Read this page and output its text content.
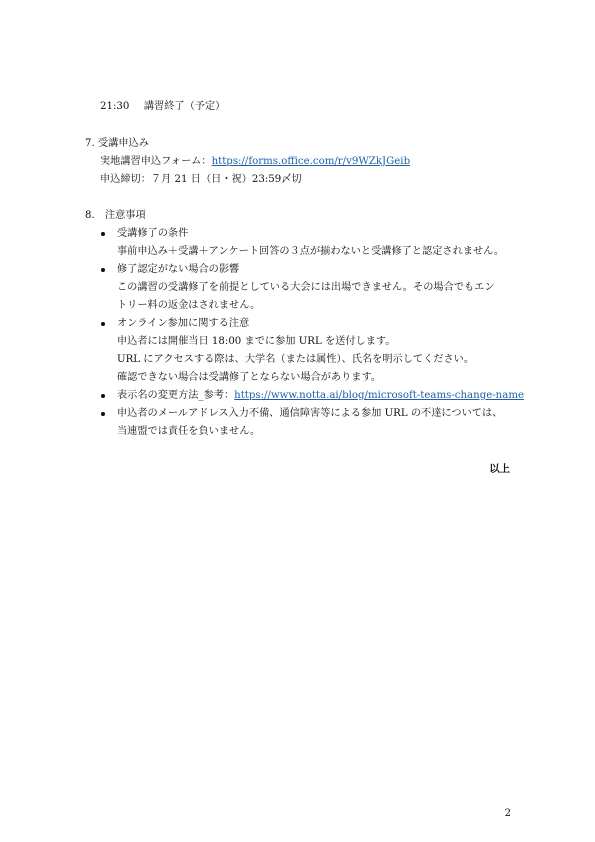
21:30 講習終了（予定）
7. 受講申込み
実地講習申込フォーム：https://forms.office.com/r/v9WZkJGeib
申込締切：７月 21 日（日・祝）23:59〆切
8.　注意事項
受講修了の条件
事前申込み＋受講＋アンケート回答の３点が揃わないと受講修了と認定されません。
修了認定がない場合の影響
この講習の受講修了を前提としている大会には出場できません。その場合でもエン
トリー料の返金はされません。
オンライン参加に関する注意
申込者には開催当日 18:00 までに参加 URL を送付します。
URL にアクセスする際は、大学名（または属性）、氏名を明示してください。
確認できない場合は受講修了とならない場合があります。
表示名の変更方法_参考：https://www.notta.ai/blog/microsoft-teams-change-name
申込者のメールアドレス入力不備、通信障害等による参加 URL の不達については、
当連盟では責任を負いません。
以上
2
